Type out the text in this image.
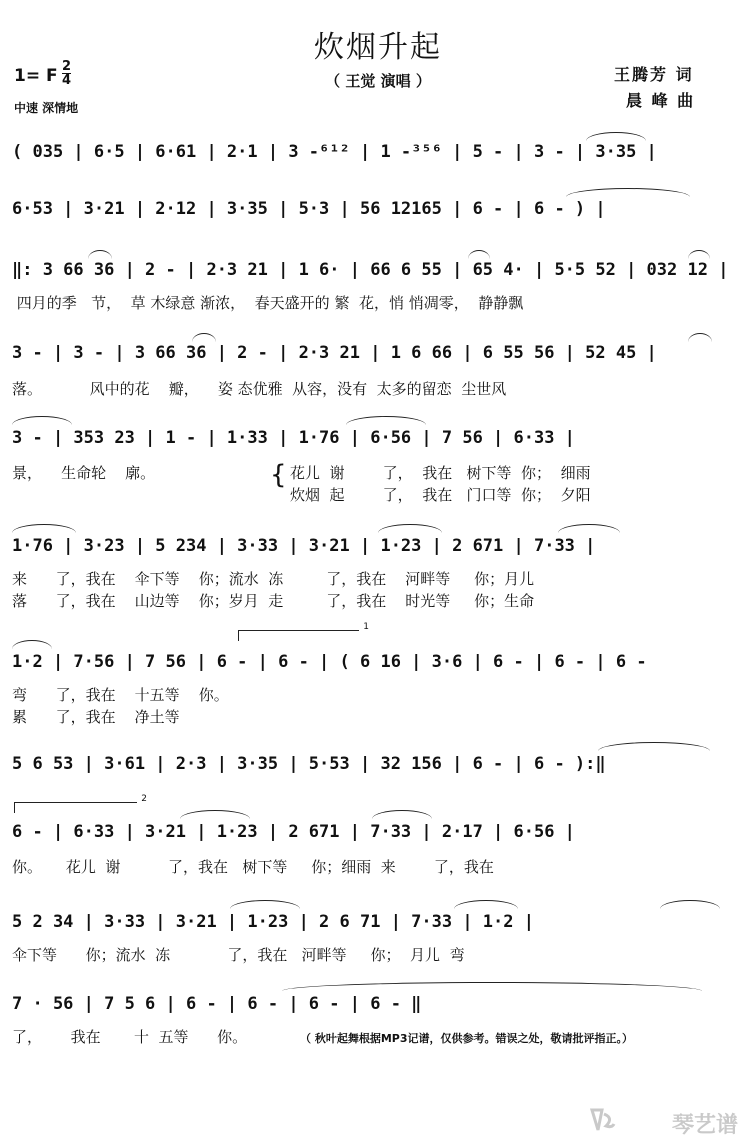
炊烟升起
（ 王觉 演唱 ）
1= F 2
4
中速 深情地
王腾芳 词
晨 峰 曲
( 035 | 6·5 | 6·61 | 2·1 | 3 -⁶¹² | 1 -³⁵⁶ | 5 - | 3 - | 3·35 |
6·53 | 3·21 | 2·12 | 3·35 | 5·3 | 56 12165 | 6 - | 6 - ) |
‖: 3 66 36 | 2 - | 2·3 21 | 1 6· | 66 6 55 | 65 4· | 5·5 52 | 032 12 |
四月的季   节，  草 木绿意 渐浓，  春天盛开的 繁  花，悄 悄凋零，  静静飘
3 - | 3 - | 3 66 36 | 2 - | 2·3 21 | 1 6 66 | 6 55 56 | 52 45 |
落。          风中的花    瓣，    姿 态优雅  从容，没有  太多的留恋  尘世风
3 - | 353 23 | 1 - | 1·33 | 1·76 | 6·56 | 7 56 | 6·33 |
景，    生命轮    廓。	{ 花儿  谢        了，  我在   树下等  你；  细雨
炊烟  起        了，  我在   门口等  你；  夕阳
1·76 | 3·23 | 5 234 | 3·33 | 3·21 | 1·23 | 2 671 | 7·33 |
来      了，我在    伞下等    你；流水  冻         了，我在    河畔等     你；月儿
落      了，我在    山边等    你；岁月  走         了，我在    时光等     你；生命
1
1·2 | 7·56 | 7 56 | 6 - | 6 - | ( 6 16 | 3·6 | 6 - | 6 - | 6 -
弯      了，我在    十五等    你。
累      了，我在    净土等
5 6 53 | 3·61 | 2·3 | 3·35 | 5·53 | 32 156 | 6 - | 6 - ):‖
2
6 - | 6·33 | 3·21 | 1·23 | 2 671 | 7·33 | 2·17 | 6·56 |
你。     花儿  谢          了，我在   树下等     你；细雨  来        了，我在
5 2 34 | 3·33 | 3·21 | 1·23 | 2 6 71 | 7·33 | 1·2 |
伞下等      你；流水  冻            了，我在   河畔等     你；  月儿  弯
7 · 56 | 7 5 6 | 6 - | 6 - | 6 - | 6 - ‖
了，      我在       十  五等      你。	（ 秋叶起舞根据MP3记谱，仅供参考。错误之处，敬请批评指正。）
琴艺谱
